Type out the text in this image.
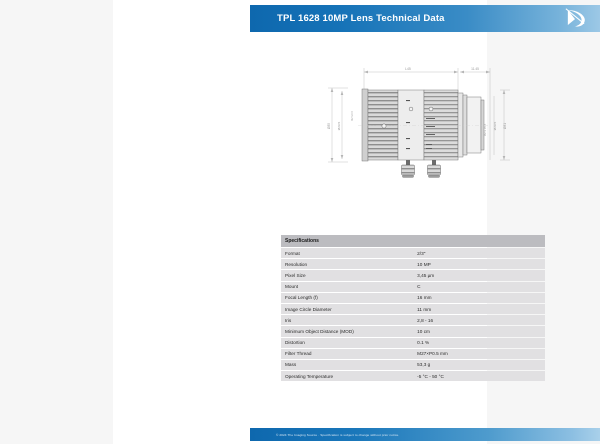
TPL 1628 10MP Lens Technical Data
L45	11.45
Ø35 Ø29.5
M27x0.5
Ø31
Ø29.5
M27x P0.5
Specifications	
Format	2/3"
Resolution	10 MP
Pixel Size	3,45 µm
Mount	C
Focal Length (f)	16 mm
Image Circle Diameter	11 mm
Iris	2,8 - 16
Minimum Object Distance (MOD)	10 cm
Distortion	0.1 %
Filter Thread	M27×P0.5 mm
Mass	53,3 g
Operating Temperature	-5 °C - 50 °C
© 2024 The Imaging Source · Specification is subject to change without prior notice.
